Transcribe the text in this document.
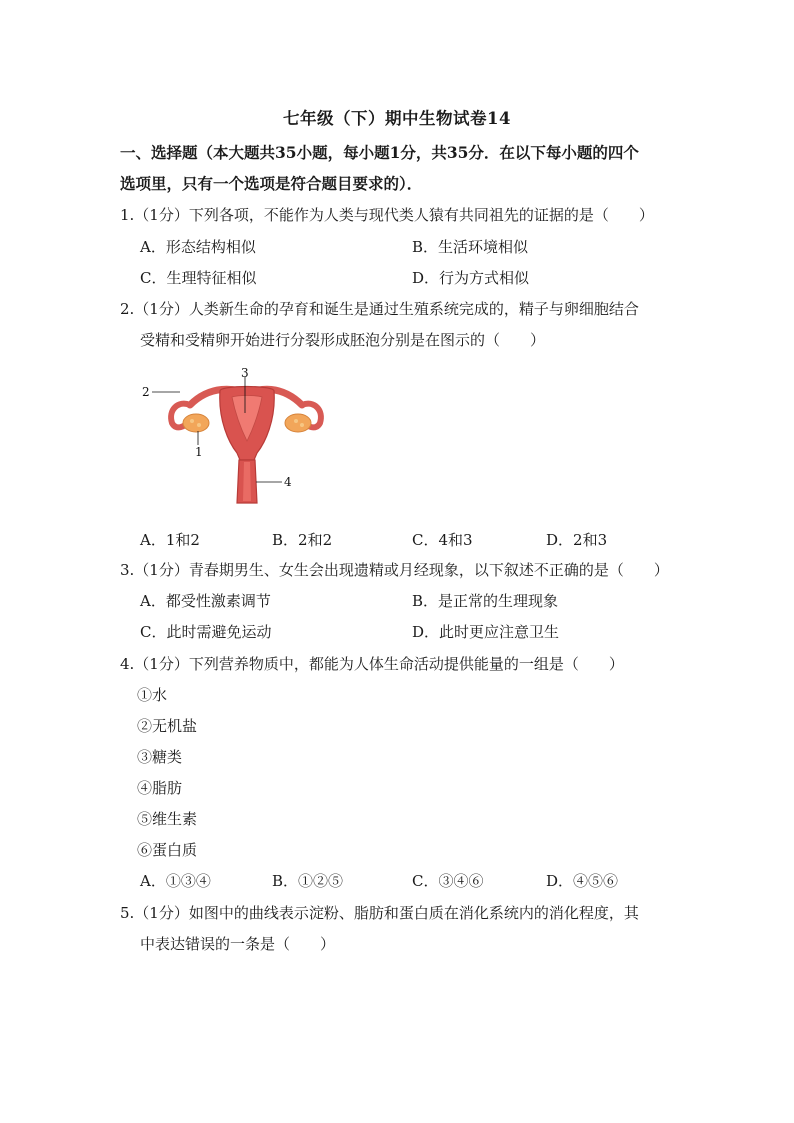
七年级（下）期中生物试卷14
一、选择题（本大题共35小题，每小题1分，共35分．在以下每小题的四个
选项里，只有一个选项是符合题目要求的）．
1.（1分）下列各项，不能作为人类与现代类人猿有共同祖先的证据的是（　　）
A．形态结构相似	B．生活环境相似
C．生理特征相似	D．行为方式相似
2.（1分）人类新生命的孕育和诞生是通过生殖系统完成的，精子与卵细胞结合
受精和受精卵开始进行分裂形成胚泡分别是在图示的（　　）
2
3
1
4
A．1和2	B．2和2	C．4和3	D．2和3
3.（1分）青春期男生、女生会出现遗精或月经现象，以下叙述不正确的是（　　）
A．都受性激素调节	B．是正常的生理现象
C．此时需避免运动	D．此时更应注意卫生
4.（1分）下列营养物质中，都能为人体生命活动提供能量的一组是（　　）
①水
②无机盐
③糖类
④脂肪
⑤维生素
⑥蛋白质
A．①③④	B．①②⑤	C．③④⑥	D．④⑤⑥
5.（1分）如图中的曲线表示淀粉、脂肪和蛋白质在消化系统内的消化程度，其
中表达错误的一条是（　　）
